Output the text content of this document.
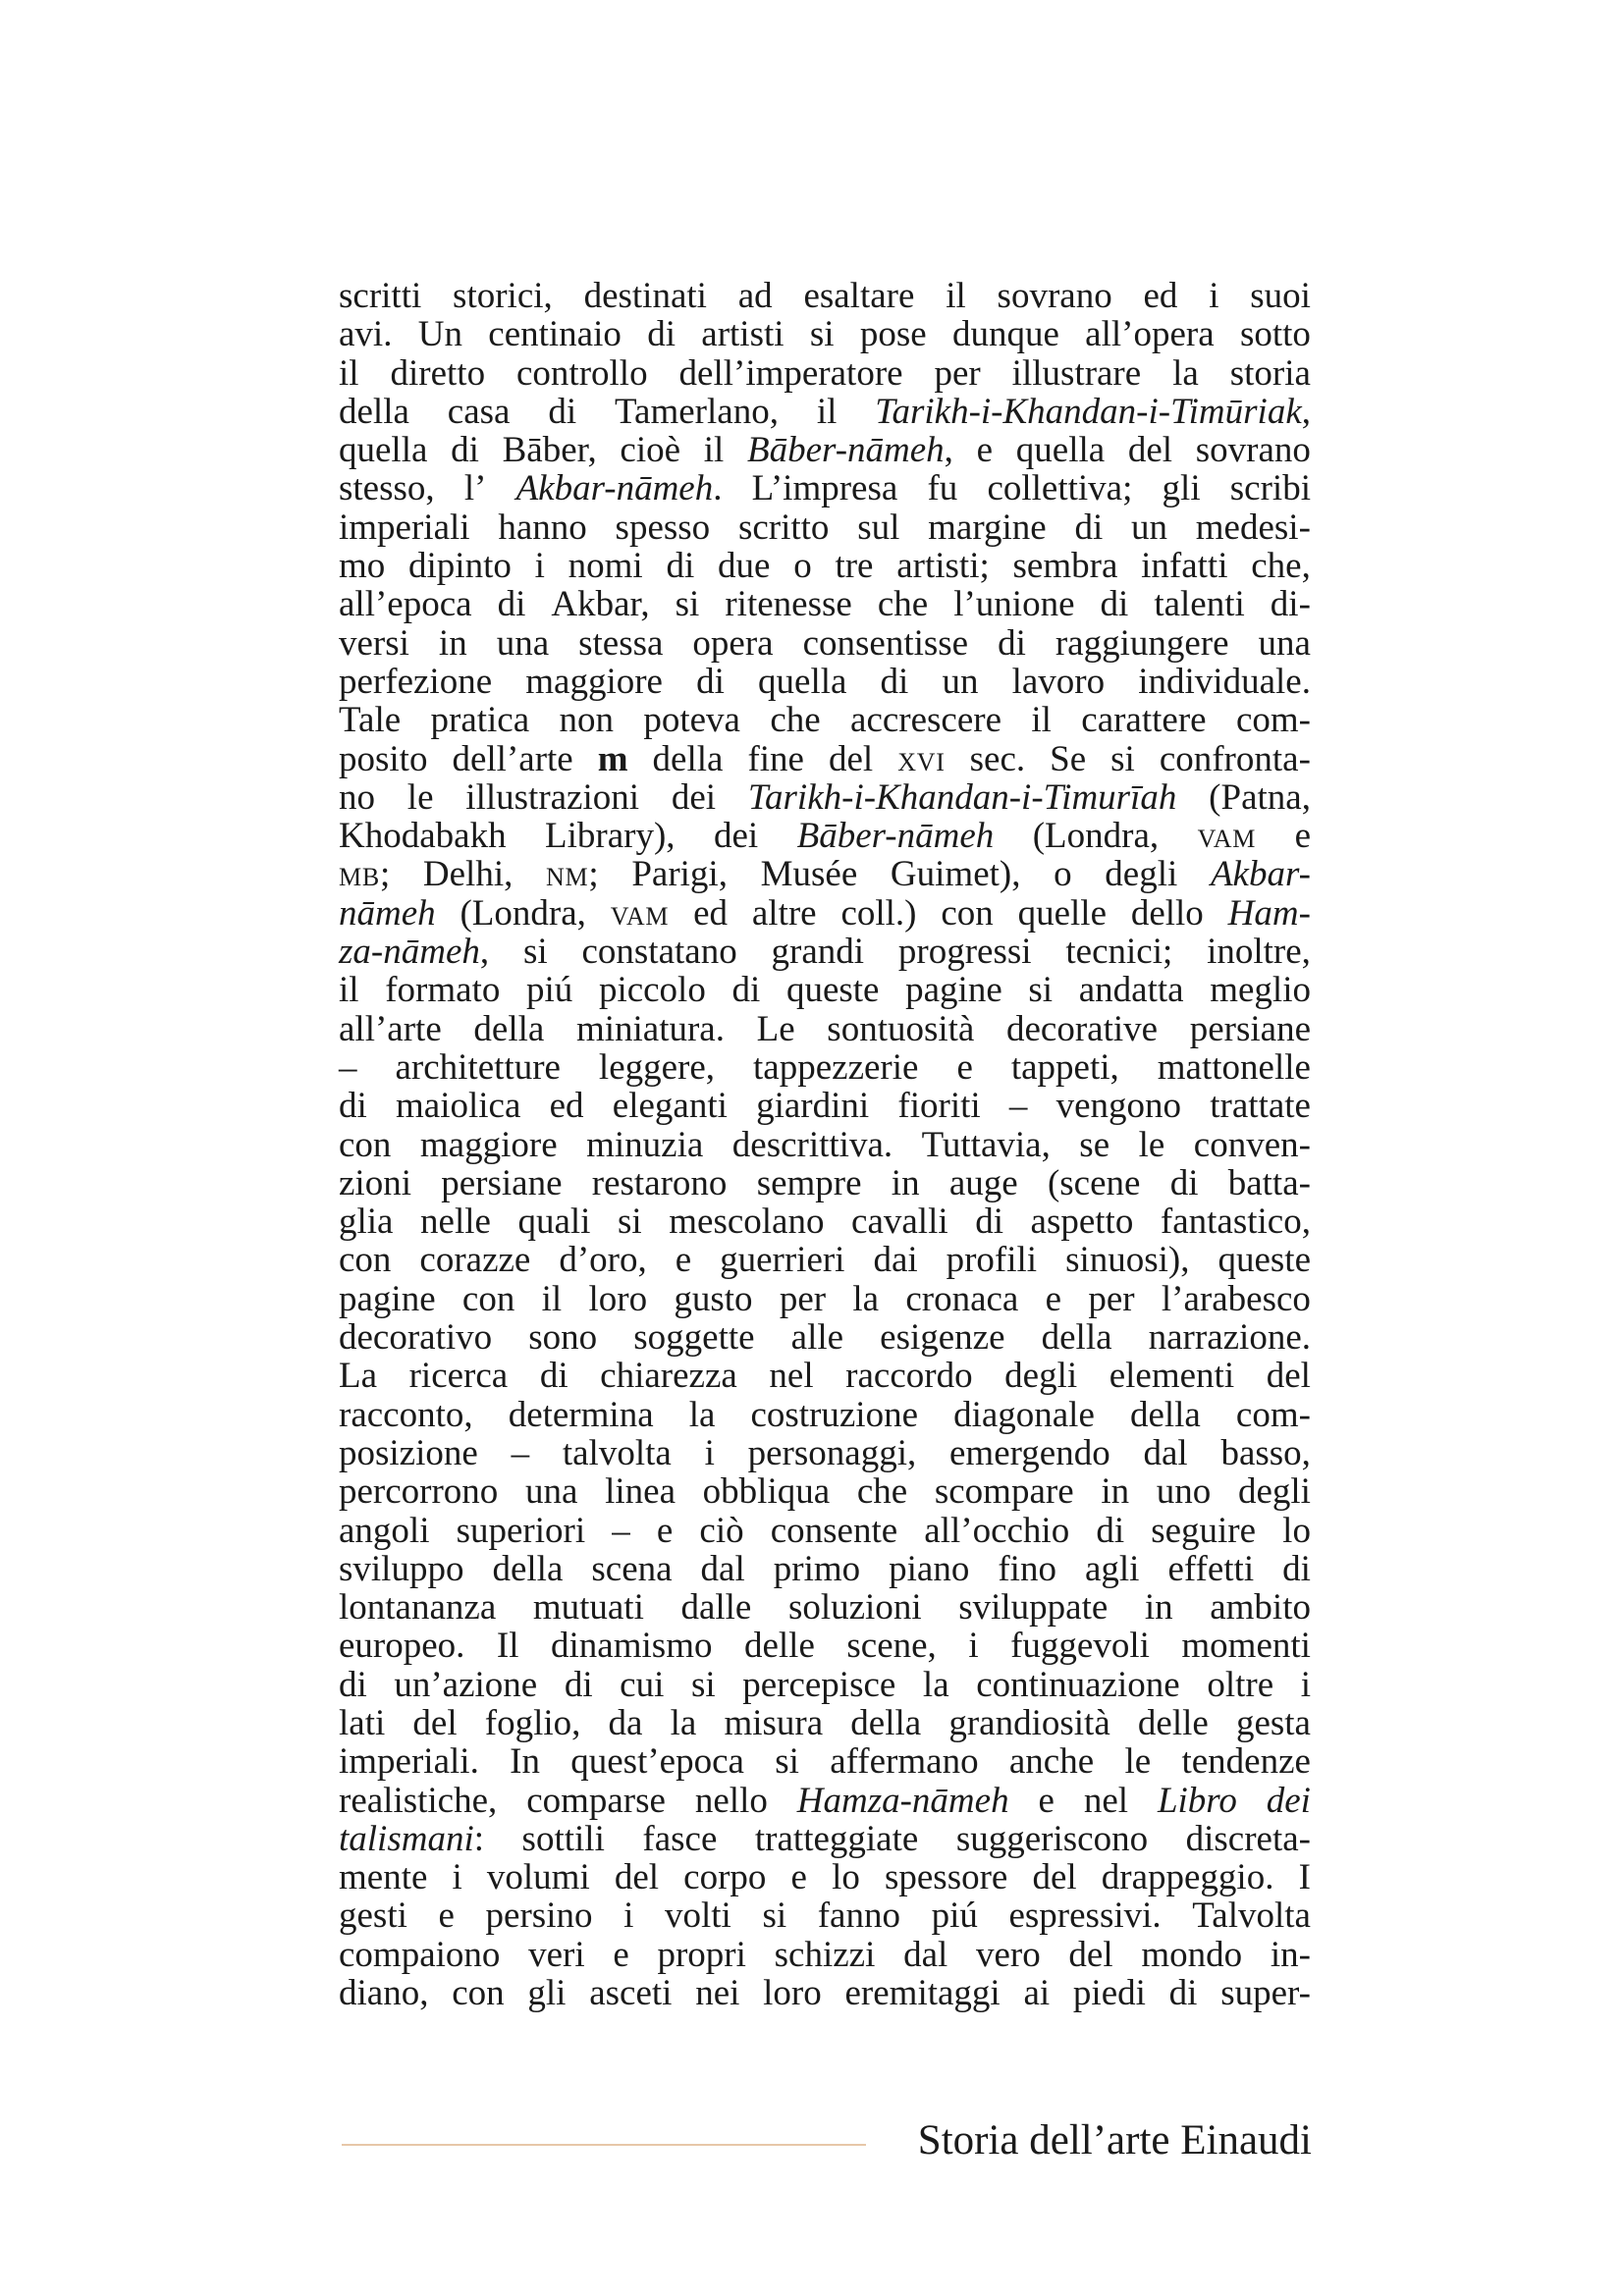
scritti storici, destinati ad esaltare il sovrano ed i suoi
avi. Un centinaio di artisti si pose dunque all’opera sotto
il diretto controllo dell’imperatore per illustrare la storia
della casa di Tamerlano, il Tarikh-i-Khandan-i-Timūriak,
quella di Bāber, cioè il Bāber-nāmeh, e quella del sovrano
stesso, l’ Akbar-nāmeh. L’impresa fu collettiva; gli scribi
imperiali hanno spesso scritto sul margine di un medesi-
mo dipinto i nomi di due o tre artisti; sembra infatti che,
all’epoca di Akbar, si ritenesse che l’unione di talenti di-
versi in una stessa opera consentisse di raggiungere una
perfezione maggiore di quella di un lavoro individuale.
Tale pratica non poteva che accrescere il carattere com-
posito dell’arte m della fine del xvi sec. Se si confronta-
no le illustrazioni dei Tarikh-i-Khandan-i-Timurīah (Patna,
Khodabakh Library), dei Bāber-nāmeh (Londra, vam e
mb; Delhi, nm; Parigi, Musée Guimet), o degli Akbar-
nāmeh (Londra, vam ed altre coll.) con quelle dello Ham-
za-nāmeh, si constatano grandi progressi tecnici; inoltre,
il formato piú piccolo di queste pagine si andatta meglio
all’arte della miniatura. Le sontuosità decorative persiane
– architetture leggere, tappezzerie e tappeti, mattonelle
di maiolica ed eleganti giardini fioriti – vengono trattate
con maggiore minuzia descrittiva. Tuttavia, se le conven-
zioni persiane restarono sempre in auge (scene di batta-
glia nelle quali si mescolano cavalli di aspetto fantastico,
con corazze d’oro, e guerrieri dai profili sinuosi), queste
pagine con il loro gusto per la cronaca e per l’arabesco
decorativo sono soggette alle esigenze della narrazione.
La ricerca di chiarezza nel raccordo degli elementi del
racconto, determina la costruzione diagonale della com-
posizione – talvolta i personaggi, emergendo dal basso,
percorrono una linea obbliqua che scompare in uno degli
angoli superiori – e ciò consente all’occhio di seguire lo
sviluppo della scena dal primo piano fino agli effetti di
lontananza mutuati dalle soluzioni sviluppate in ambito
europeo. Il dinamismo delle scene, i fuggevoli momenti
di un’azione di cui si percepisce la continuazione oltre i
lati del foglio, da la misura della grandiosità delle gesta
imperiali. In quest’epoca si affermano anche le tendenze
realistiche, comparse nello Hamza-nāmeh e nel Libro dei
talismani: sottili fasce tratteggiate suggeriscono discreta-
mente i volumi del corpo e lo spessore del drappeggio. I
gesti e persino i volti si fanno piú espressivi. Talvolta
compaiono veri e propri schizzi dal vero del mondo in-
diano, con gli asceti nei loro eremitaggi ai piedi di super-
Storia dell’arte Einaudi
